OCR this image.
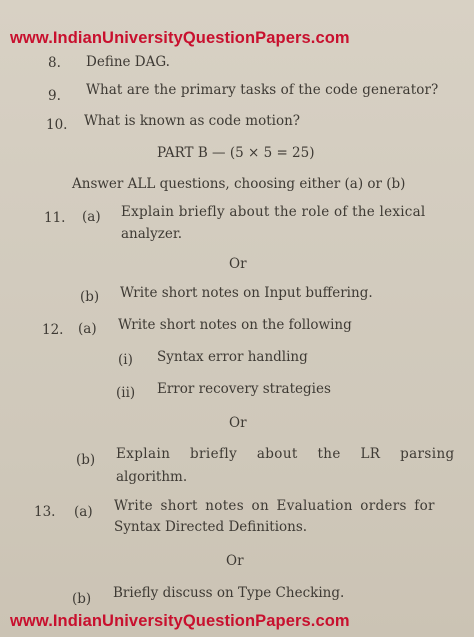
www.IndianUniversityQuestionPapers.com
8. Define DAG.
9. What are the primary tasks of the code generator?
10. What is known as code motion?
PART B — (5 × 5 = 25)
Answer ALL questions, choosing either (a) or (b)
11. (a) Explain briefly about the role of the lexical
analyzer.
Or
(b) Write short notes on Input buffering.
12. (a) Write short notes on the following
(i) Syntax error handling
(ii) Error recovery strategies
Or
(b) Explain briefly about the LR parsing
algorithm.
13. (a) Write short notes on Evaluation orders for
Syntax Directed Definitions.
Or
(b) Briefly discuss on Type Checking.
www.IndianUniversityQuestionPapers.com
